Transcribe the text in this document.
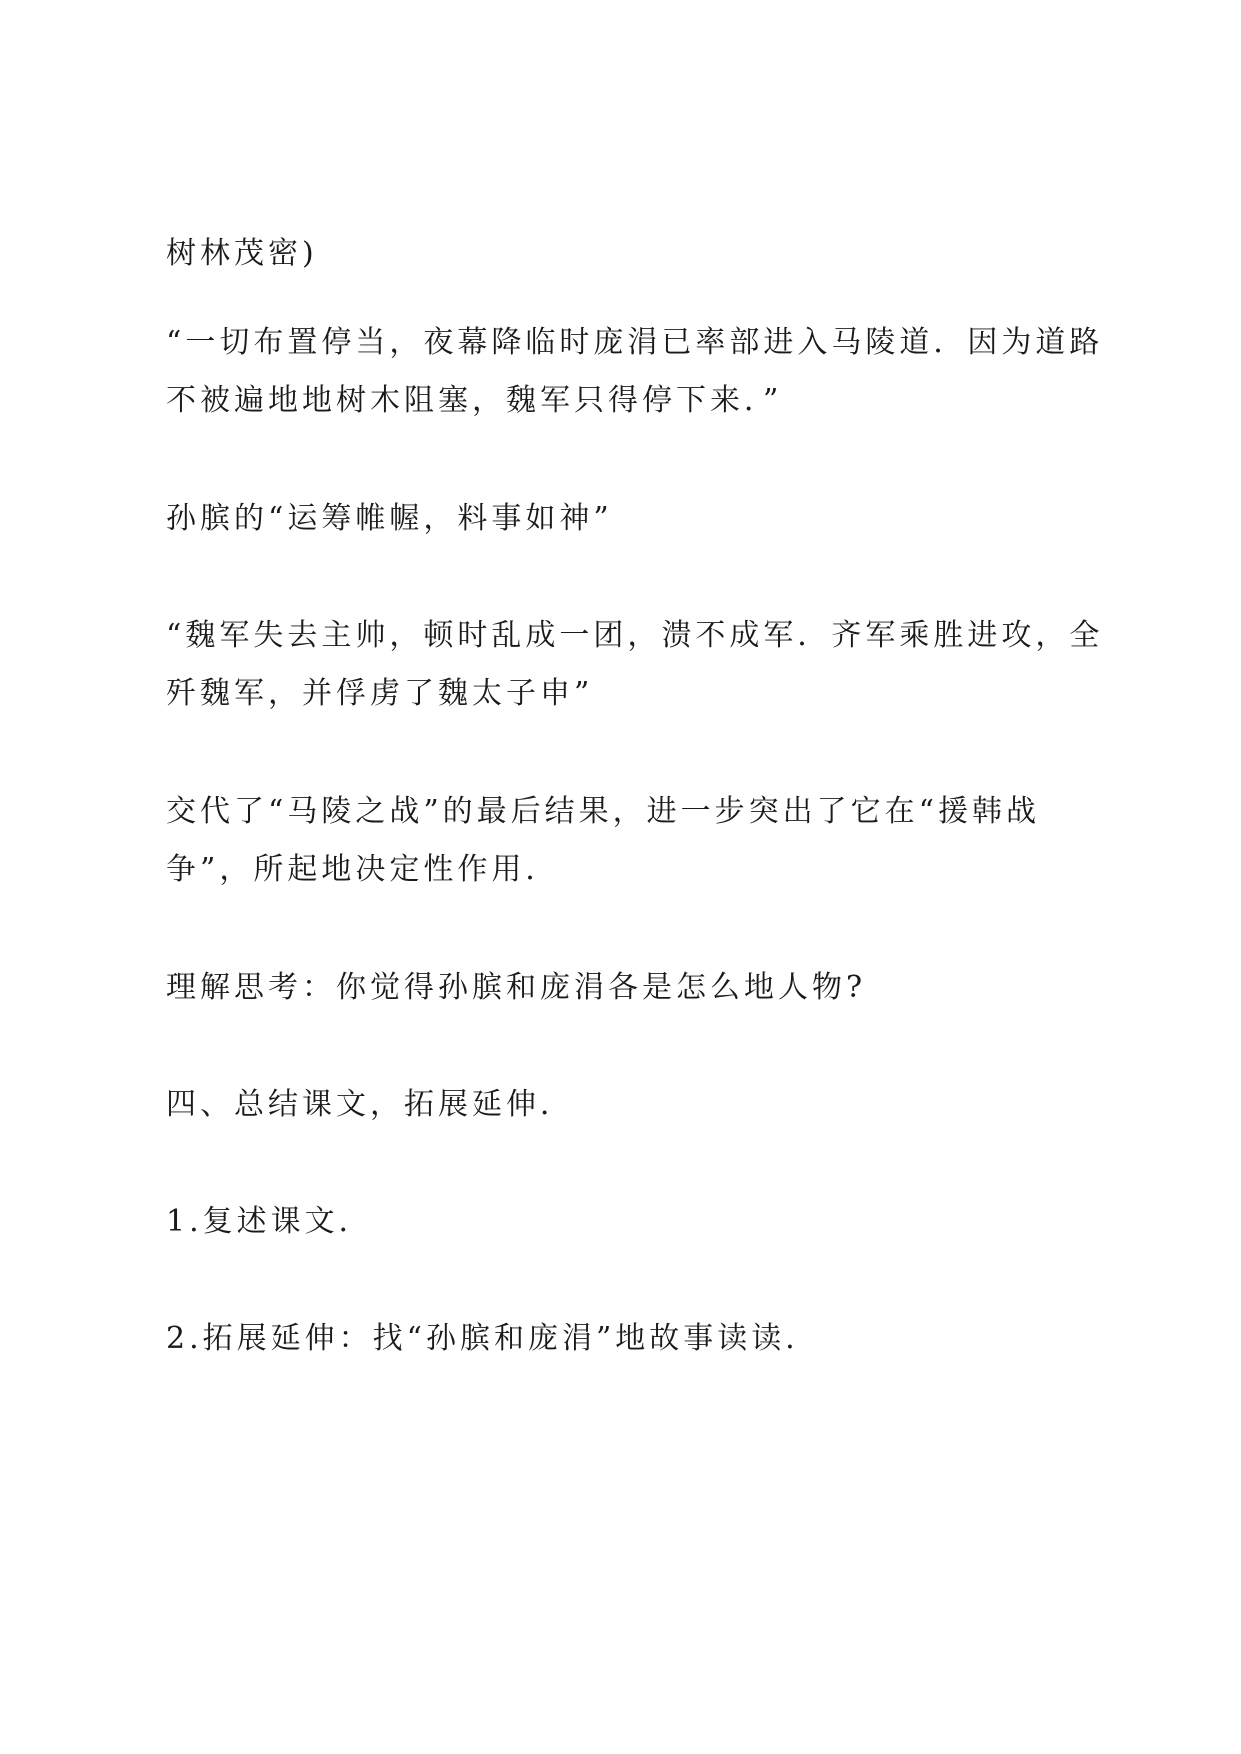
树林茂密)

“一切布置停当，夜幕降临时庞涓已率部进入马陵道．因为道路
不被遍地地树木阻塞，魏军只得停下来．”

孙膑的“运筹帷幄，料事如神”

“魏军失去主帅，顿时乱成一团，溃不成军．齐军乘胜进攻，全
歼魏军，并俘虏了魏太子申”

交代了“马陵之战”的最后结果，进一步突出了它在“援韩战
争”，所起地决定性作用．

理解思考：你觉得孙膑和庞涓各是怎么地人物?

四、总结课文，拓展延伸．

1.复述课文．

2.拓展延伸：找“孙膑和庞涓”地故事读读．
